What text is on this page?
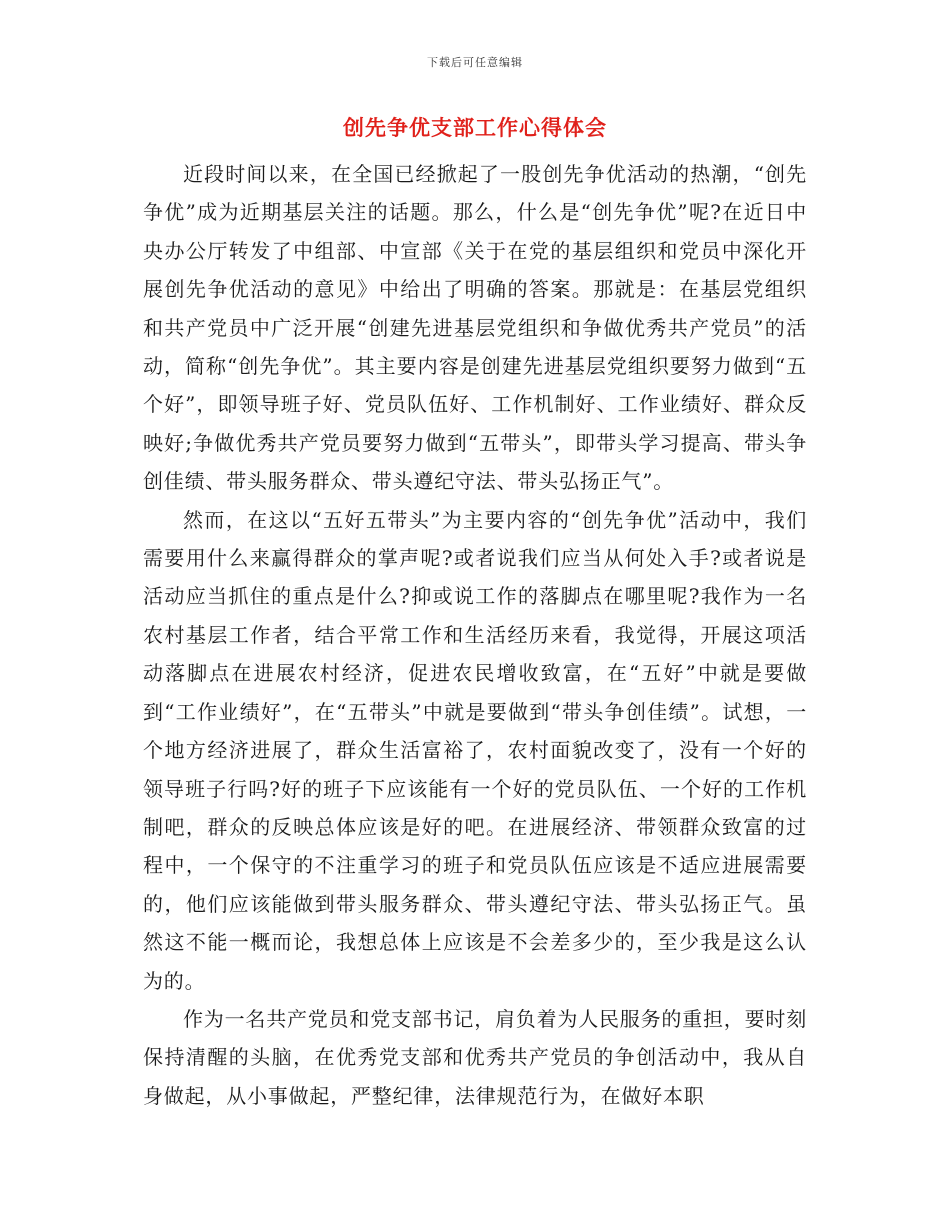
下载后可任意编辑
创先争优支部工作心得体会

近段时间以来，在全国已经掀起了一股创先争优活动的热潮，“创先争优”成为近期基层关注的话题。那么，什么是“创先争优”呢?在近日中央办公厅转发了中组部、中宣部《关于在党的基层组织和党员中深化开展创先争优活动的意见》中给出了明确的答案。那就是：在基层党组织和共产党员中广泛开展“创建先进基层党组织和争做优秀共产党员”的活动，简称“创先争优”。其主要内容是创建先进基层党组织要努力做到“五个好”，即领导班子好、党员队伍好、工作机制好、工作业绩好、群众反映好;争做优秀共产党员要努力做到“五带头”，即带头学习提高、带头争创佳绩、带头服务群众、带头遵纪守法、带头弘扬正气”。

然而，在这以“五好五带头”为主要内容的“创先争优”活动中，我们需要用什么来赢得群众的掌声呢?或者说我们应当从何处入手?或者说是活动应当抓住的重点是什么?抑或说工作的落脚点在哪里呢?我作为一名农村基层工作者，结合平常工作和生活经历来看，我觉得，开展这项活动落脚点在进展农村经济，促进农民增收致富，在“五好”中就是要做到“工作业绩好”，在“五带头”中就是要做到“带头争创佳绩”。试想，一个地方经济进展了，群众生活富裕了，农村面貌改变了，没有一个好的领导班子行吗?好的班子下应该能有一个好的党员队伍、一个好的工作机制吧，群众的反映总体应该是好的吧。在进展经济、带领群众致富的过程中，一个保守的不注重学习的班子和党员队伍应该是不适应进展需要的，他们应该能做到带头服务群众、带头遵纪守法、带头弘扬正气。虽然这不能一概而论，我想总体上应该是不会差多少的，至少我是这么认为的。

作为一名共产党员和党支部书记，肩负着为人民服务的重担，要时刻保持清醒的头脑，在优秀党支部和优秀共产党员的争创活动中，我从自身做起，从小事做起，严整纪律，法律规范行为，在做好本职
